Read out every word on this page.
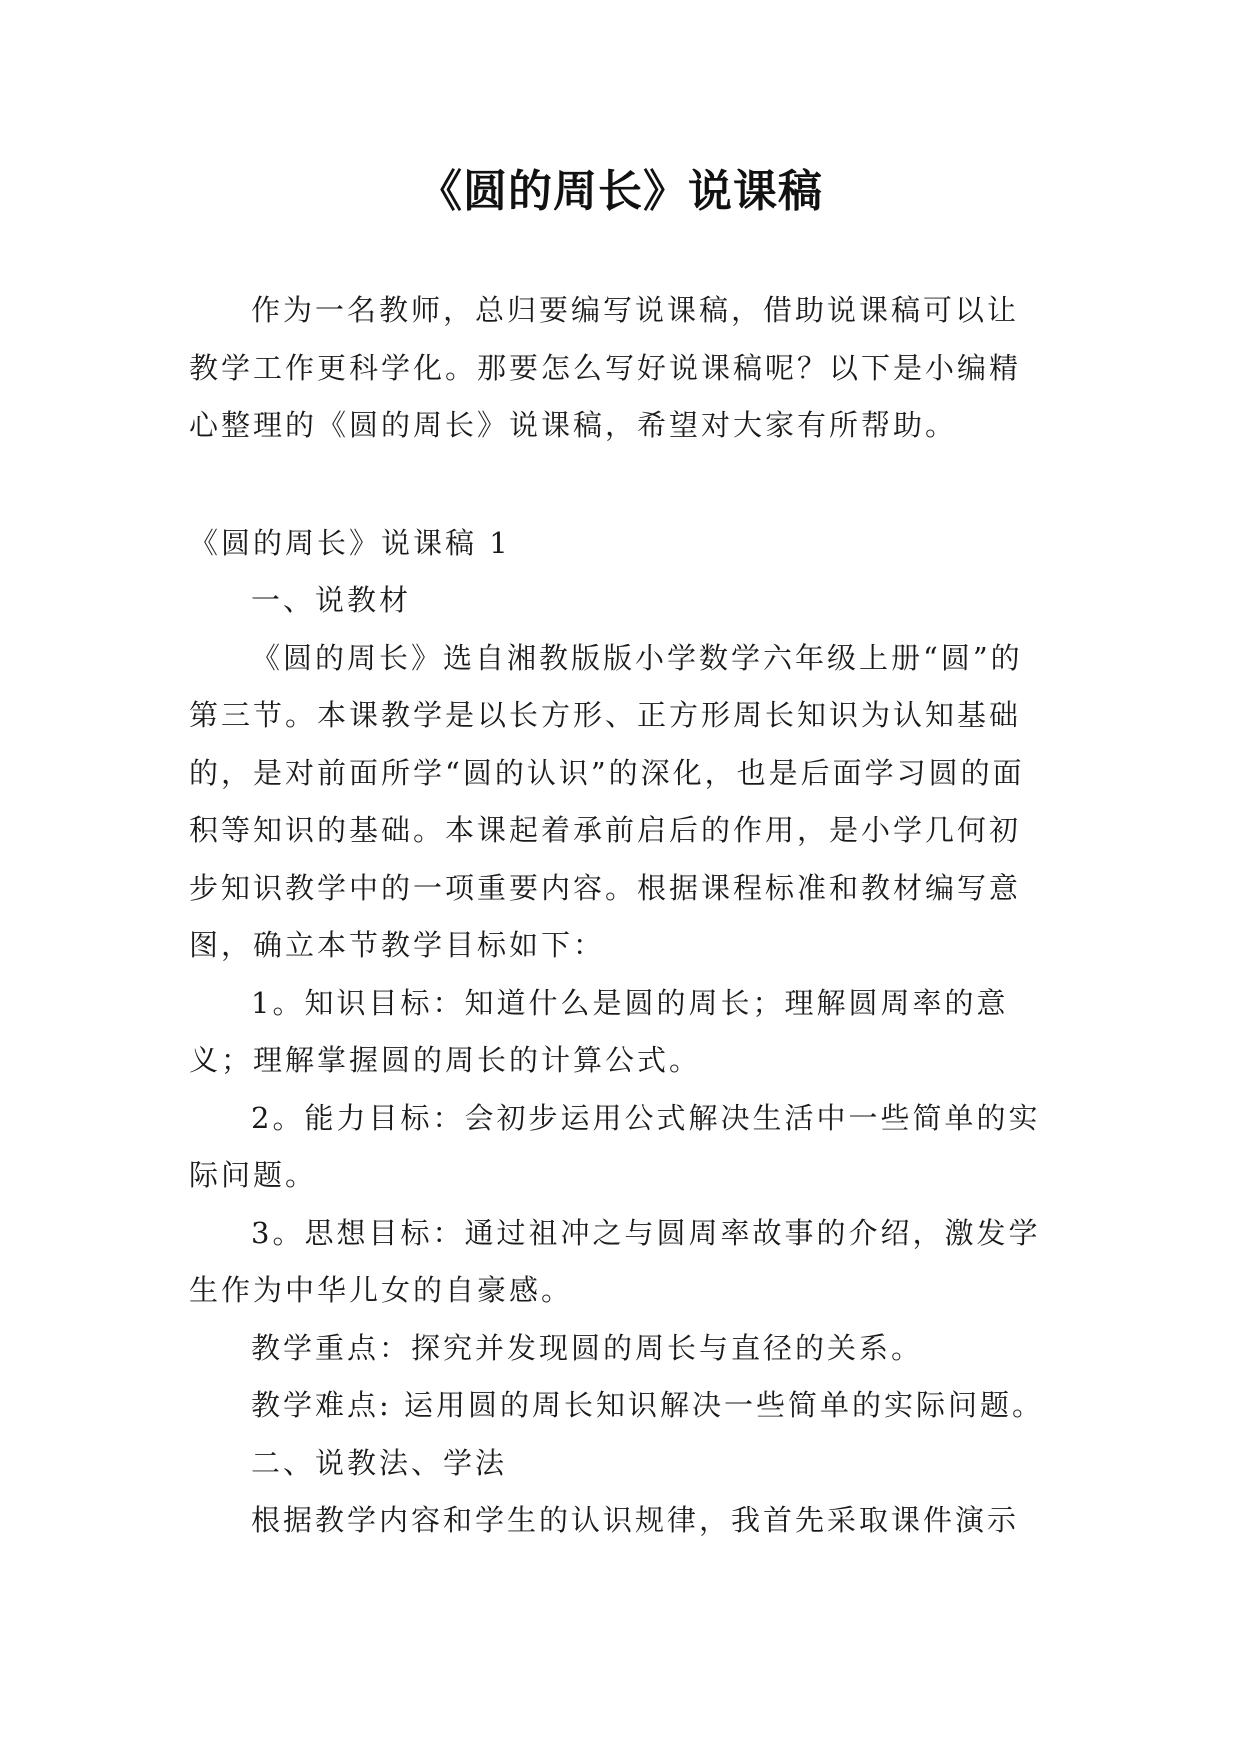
《圆的周长》说课稿

作为一名教师，总归要编写说课稿，借助说课稿可以让教学工作更科学化。那要怎么写好说课稿呢？以下是小编精心整理的《圆的周长》说课稿，希望对大家有所帮助。

《圆的周长》说课稿 1

一、说教材

《圆的周长》选自湘教版版小学数学六年级上册“圆”的第三节。本课教学是以长方形、正方形周长知识为认知基础的，是对前面所学“圆的认识”的深化，也是后面学习圆的面积等知识的基础。本课起着承前启后的作用，是小学几何初步知识教学中的一项重要内容。根据课程标准和教材编写意图，确立本节教学目标如下：

1。知识目标：知道什么是圆的周长；理解圆周率的意义；理解掌握圆的周长的计算公式。

2。能力目标：会初步运用公式解决生活中一些简单的实际问题。

3。思想目标：通过祖冲之与圆周率故事的介绍，激发学生作为中华儿女的自豪感。

教学重点：探究并发现圆的周长与直径的关系。

教学难点: 运用圆的周长知识解决一些简单的实际问题。

二、说教法、学法

根据教学内容和学生的认识规律，我首先采取课件演示
